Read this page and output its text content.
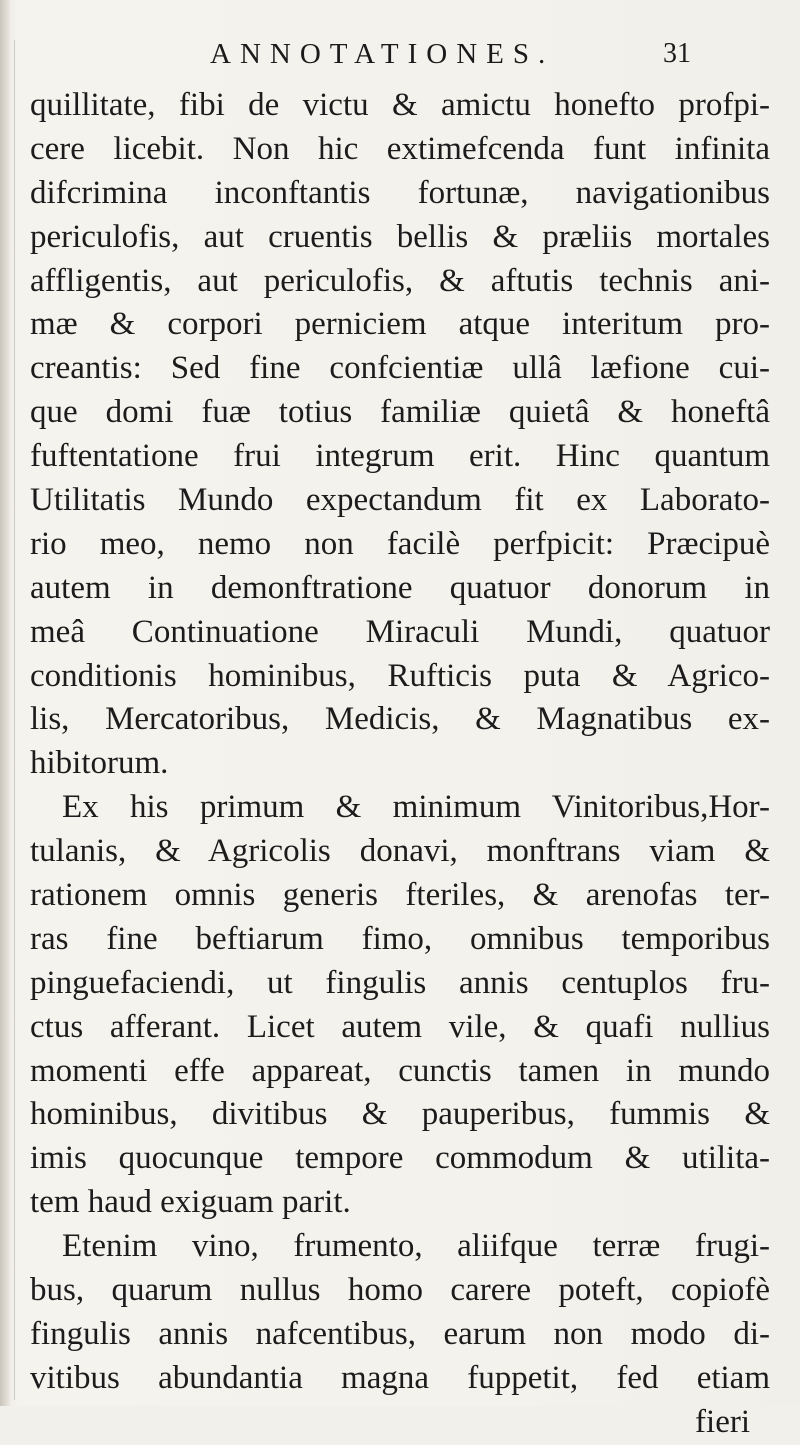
ANNOTATIONES.	31
quillitate, fibi de victu & amictu honefto profpi-
cere licebit. Non hic extimefcenda funt infinita
difcrimina inconftantis fortunæ, navigationibus
periculofis, aut cruentis bellis & præliis mortales
affligentis, aut periculofis, & aftutis technis ani-
mæ & corpori perniciem atque interitum pro-
creantis: Sed fine confcientiæ ullâ læfione cui-
que domi fuæ totius familiæ quietâ & honeftâ
fuftentatione frui integrum erit. Hinc quantum
Utilitatis Mundo expectandum fit ex Laborato-
rio meo, nemo non facilè perfpicit: Præcipuè
autem in demonftratione quatuor donorum in
meâ Continuatione Miraculi Mundi, quatuor
conditionis hominibus, Rufticis puta & Agrico-
lis, Mercatoribus, Medicis, & Magnatibus ex-
hibitorum.
Ex his primum & minimum Vinitoribus,Hor-
tulanis, & Agricolis donavi, monftrans viam &
rationem omnis generis fteriles, & arenofas ter-
ras fine beftiarum fimo, omnibus temporibus
pinguefaciendi, ut fingulis annis centuplos fru-
ctus afferant. Licet autem vile, & quafi nullius
momenti effe appareat, cunctis tamen in mundo
hominibus, divitibus & pauperibus, fummis &
imis quocunque tempore commodum & utilita-
tem haud exiguam parit.
Etenim vino, frumento, aliifque terræ frugi-
bus, quarum nullus homo carere poteft, copiofè
fingulis annis nafcentibus, earum non modo di-
vitibus abundantia magna fuppetit, fed etiam
fieri
